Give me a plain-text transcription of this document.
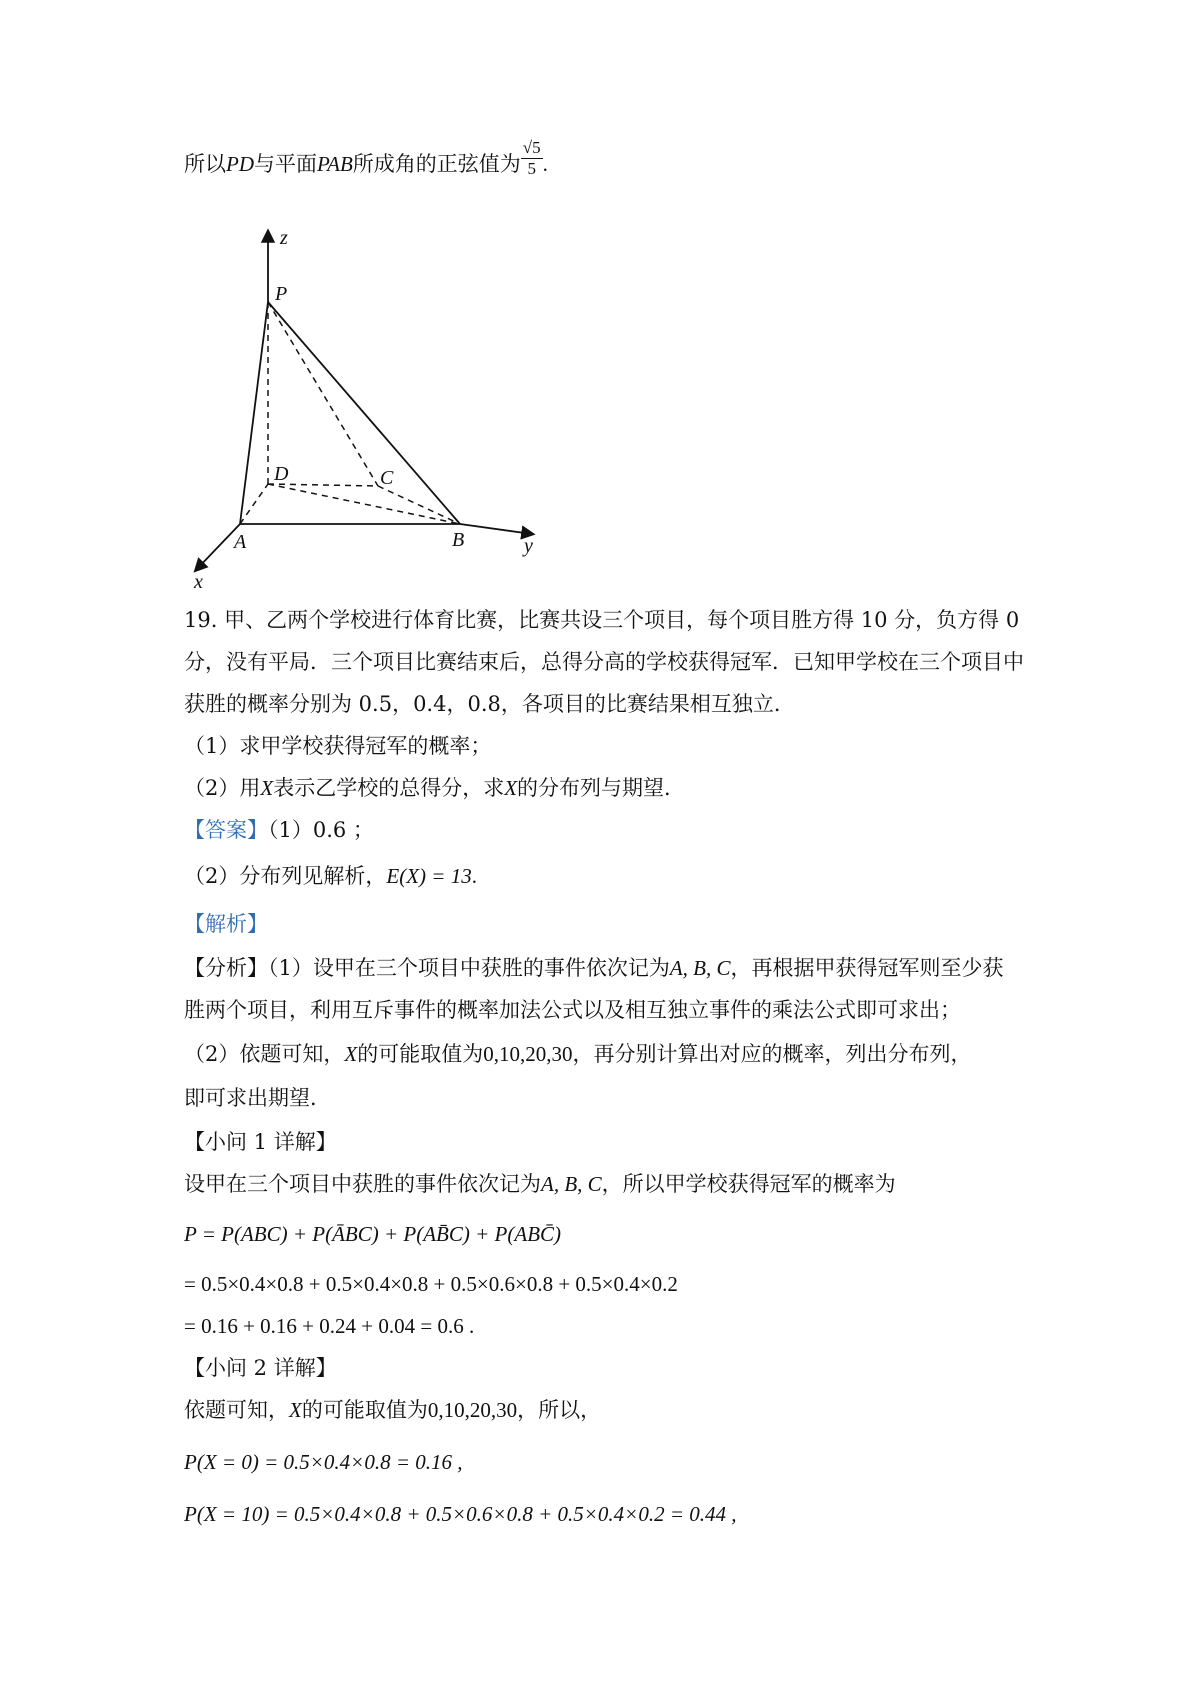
所以PD与平面PAB所成角的正弦值为 $\frac{√5}{5}$ .
z
P
D	C
A	B	y
x
19. 甲、乙两个学校进行体育比赛，比赛共设三个项目，每个项目胜方得 10 分，负方得 0
分，没有平局．三个项目比赛结束后，总得分高的学校获得冠军．已知甲学校在三个项目中
获胜的概率分别为 0.5，0.4，0.8，各项目的比赛结果相互独立．
（1）求甲学校获得冠军的概率；
（2）用X表示乙学校的总得分，求X的分布列与期望．
【答案】（1）0.6 ；
（2）分布列见解析，E(X) = 13.
【解析】
【分析】（1）设甲在三个项目中获胜的事件依次记为A, B, C，再根据甲获得冠军则至少获
胜两个项目，利用互斥事件的概率加法公式以及相互独立事件的乘法公式即可求出；
（2）依题可知，X的可能取值为0,10,20,30，再分别计算出对应的概率，列出分布列，
即可求出期望．
【小问 1 详解】
设甲在三个项目中获胜的事件依次记为A, B, C，所以甲学校获得冠军的概率为
P = P(ABC) + P(ĀBC) + P(AB̄C) + P(ABC̄)
= 0.5×0.4×0.8 + 0.5×0.4×0.8 + 0.5×0.6×0.8 + 0.5×0.4×0.2
= 0.16 + 0.16 + 0.24 + 0.04 = 0.6 .
【小问 2 详解】
依题可知，X的可能取值为0,10,20,30，所以，
P(X = 0) = 0.5×0.4×0.8 = 0.16 ,
P(X = 10) = 0.5×0.4×0.8 + 0.5×0.6×0.8 + 0.5×0.4×0.2 = 0.44 ,
